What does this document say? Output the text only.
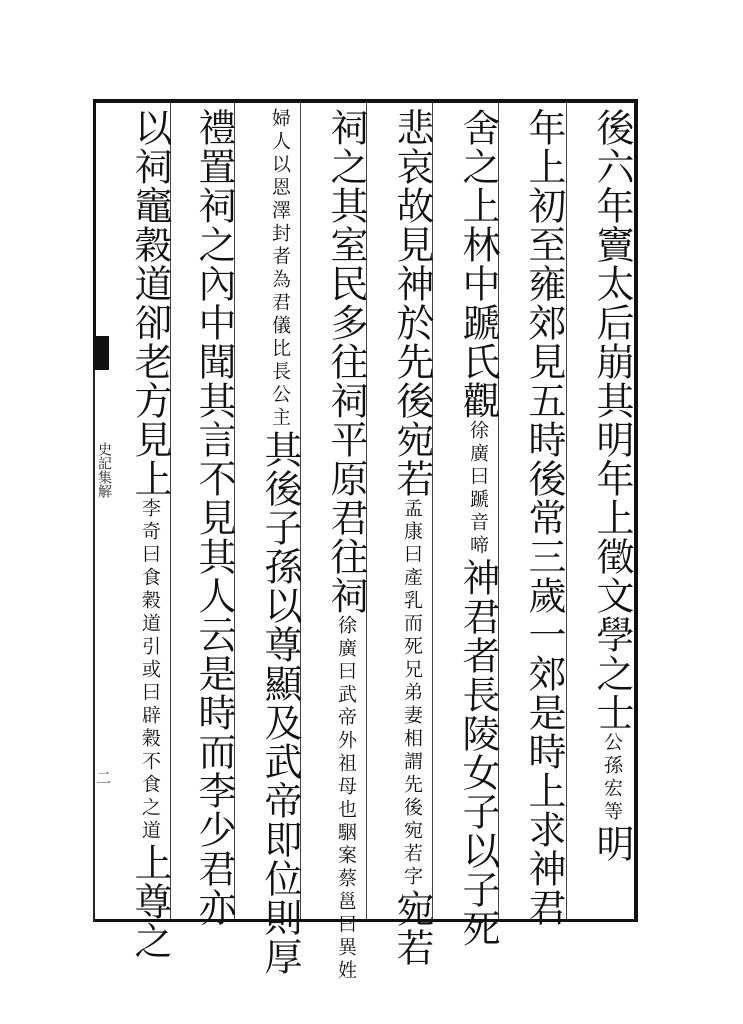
史記集解
二
後六年竇太后崩其明年上徵文學之士公孫宏等明
年上初至雍郊見五時後常三歲一郊是時上求神君
舍之上林中蹏氏觀徐廣曰蹏音啼神君者長陵女子以子死
悲哀故見神於先後宛若孟康曰產乳而死兄弟妻相謂先後宛若字宛若
祠之其室民多往祠平原君往祠徐廣曰武帝外祖母也駰案蔡邕曰異姓
婦人以恩澤封者為君儀比長公主其後子孫以尊顯及武帝即位則厚
禮置祠之內中聞其言不見其人云是時而李少君亦
以祠竈穀道卻老方見上李奇曰食穀道引或曰辟穀不食之道上尊之
